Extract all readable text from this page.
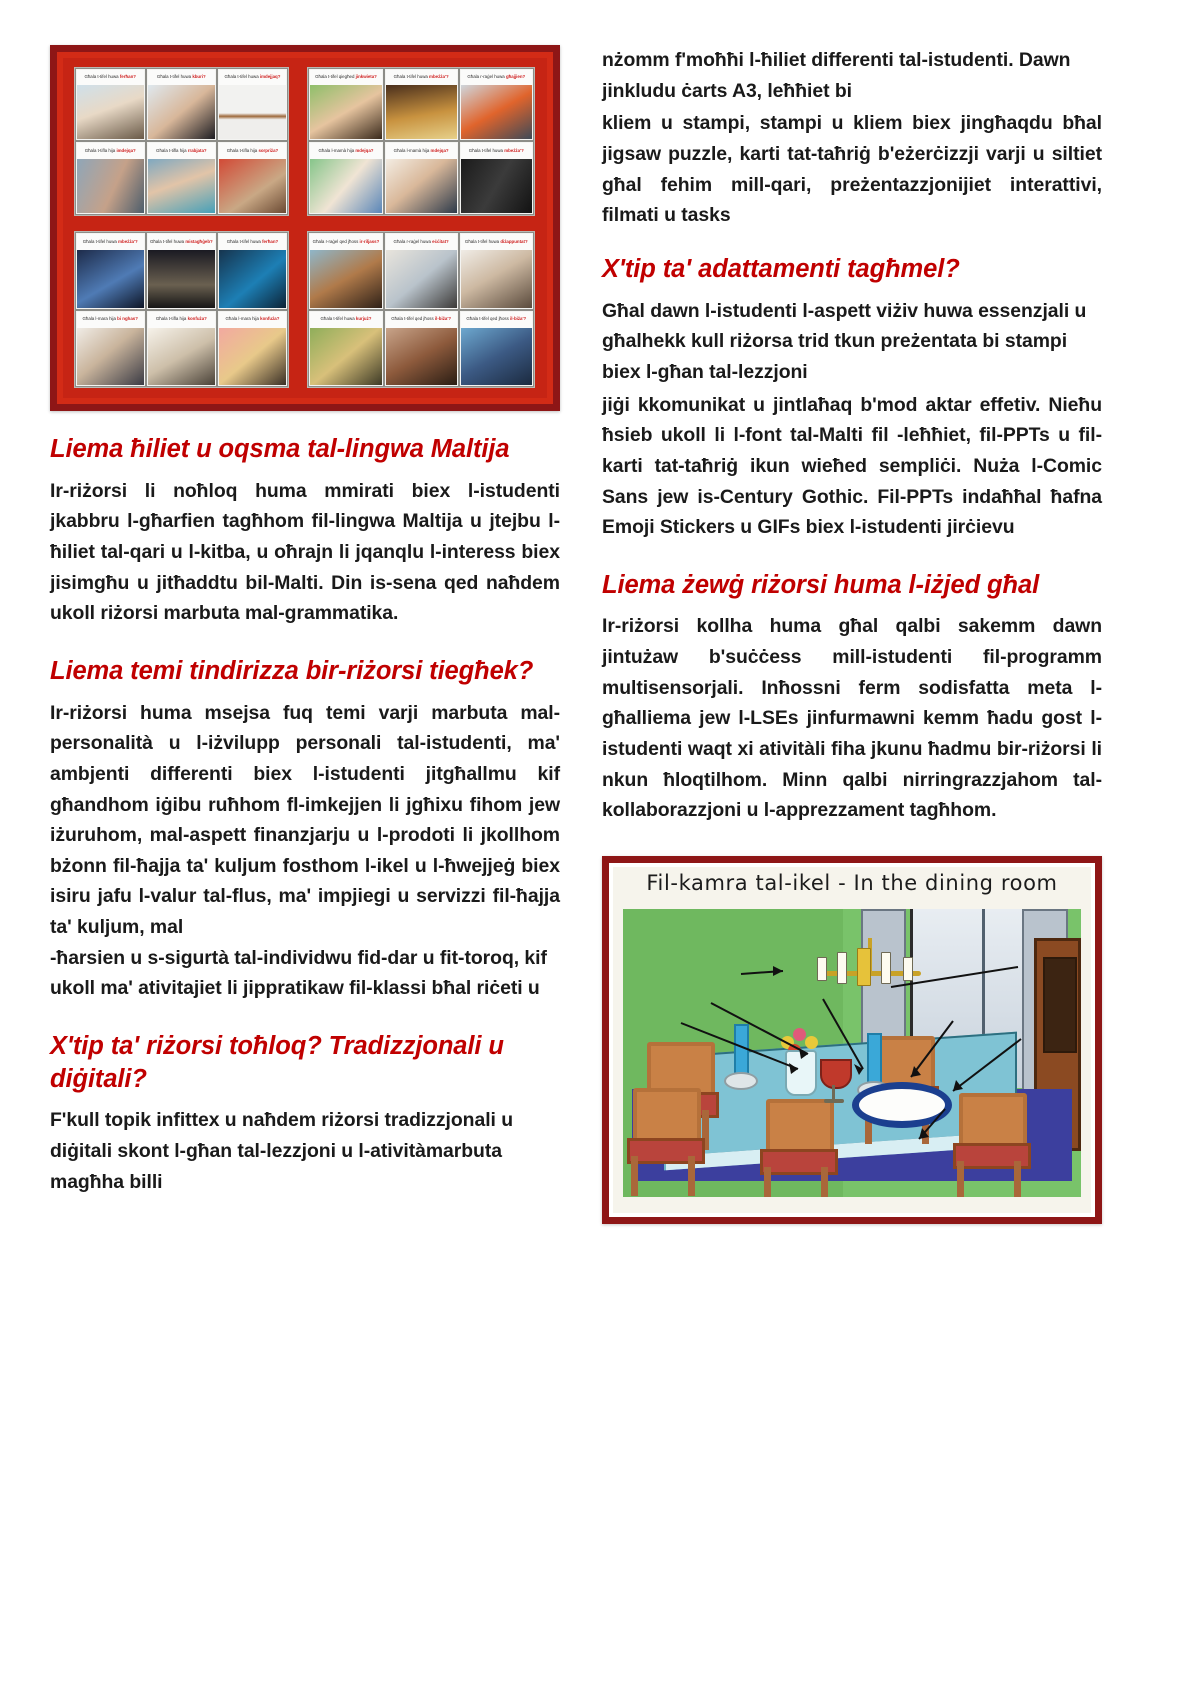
Għala t-tifel huwa
ferħan?	Għala t-tifel huwa
kburi?	Għala t-tifel huwa
imdejjaq?
Għala t-tifla hija
imdejqa?	Għala t-tifla hija
rrabjata?	Għala t-tifla hija
sorpriża?
Għala t-tifel qiegħed
jinkwieta?	Għala t-tifel huwa
mbeżża'?	Għala r-raġel huwa
għajjien?
Għala l-mamà hija
mdejqa?	Għala l-mamà hija
mdejqa?	Għala t-tifel huwa
mbeżża'?
Għala t-tifel huwa
mbeżża'?	Għala t-tifel huwa
mistagħġeb?	Għala t-tifel huwa
ferħan?
Għala l-mara hija
bi nghas?	Għala t-tifla hija
konfuża?	Għala l-mara hija
konfuża?
Għala r-raġel qed jħoss
ir-riljass?	Għala r-raġel huwa
eċċitat?	Għala t-tifel huwa
diżappuntat?
Għala t-tifel huwa
kurjuż?	Għala t-tifel qed jħoss
il-biża'?	Għala t-tifel qed jħoss
il-biża'?
Liema ħiliet u oqsma tal-lingwa Maltija

Ir-riżorsi li noħloq huma mmirati biex l-istudenti jkabbru l-għarfien tagħhom fil-lingwa Maltija u jtejbu l-ħiliet tal-qari u l-kitba, u oħrajn li jqanqlu l-interess biex jisimgħu u jitħaddtu bil-Malti. Din is-sena qed naħdem ukoll riżorsi marbuta mal-grammatika.

Liema temi tindirizza bir-riżorsi tiegħek?

Ir-riżorsi huma msejsa fuq temi varji marbuta mal-personalità u l-iżvilupp personali tal-istudenti, ma' ambjenti differenti biex l-istudenti jitgħallmu kif għandhom iġibu ruħhom fl-imkejjen li jgħixu fihom jew iżuruhom, mal-aspett finanzjarju u l-prodoti li jkollhom bżonn fil-ħajja ta' kuljum fosthom l-ikel u l-ħwejjeġ biex isiru jafu l-valur tal-flus, ma' impjiegi u servizzi fil-ħajja ta' kuljum, mal

-ħarsien u s-sigurtà tal-individwu fid-dar u fit-toroq, kif ukoll ma' ativitajiet li jippratikaw fil-klassi bħal riċeti u

X'tip ta' riżorsi toħloq? Tradizzjonali u diġitali?

F'kull topik infittex u naħdem riżorsi tradizzjonali u diġitali skont l-għan tal-lezzjoni u l-ativitàmarbuta magħha billi

nżomm f'moħħi l-ħiliet differenti tal-istudenti. Dawn jinkludu ċarts A3, leħħiet bi

kliem u stampi, stampi u kliem biex jingħaqdu bħal jigsaw puzzle, karti tat-taħriġ b'eżerċizzji varji u siltiet għal fehim mill-qari, preżentazzjonijiet interattivi, filmati u tasks

X'tip ta' adattamenti tagħmel?

Għal dawn l-istudenti l-aspett viżiv huwa essenzjali u għalhekk kull riżorsa trid tkun preżentata bi stampi biex l-għan tal-lezzjoni

jiġi kkomunikat u jintlaħaq b'mod aktar effetiv. Nieħu ħsieb ukoll li l-font tal-Malti fil -leħħiet, fil-PPTs u fil-karti tat-taħriġ ikun wieħed sempliċi. Nuża l-Comic Sans jew is-Century Gothic. Fil-PPTs indaħħal ħafna Emoji Stickers u GIFs biex l-istudenti jirċievu

Liema żewġ riżorsi huma l-iżjed għal

Ir-riżorsi kollha huma għal qalbi sakemm dawn jintużaw b'suċċess mill-istudenti fil-programm multisensorjali. Inħossni ferm sodisfatta meta l-għalliema jew l-LSEs jinfurmawni kemm ħadu gost l-istudenti waqt xi ativitàli fiha jkunu ħadmu bir-riżorsi li nkun ħloqtilhom. Minn qalbi nirringrazzjahom tal-kollaborazzjoni u l-apprezzament tagħhom.

Fil-kamra tal-ikel - In the dining room
